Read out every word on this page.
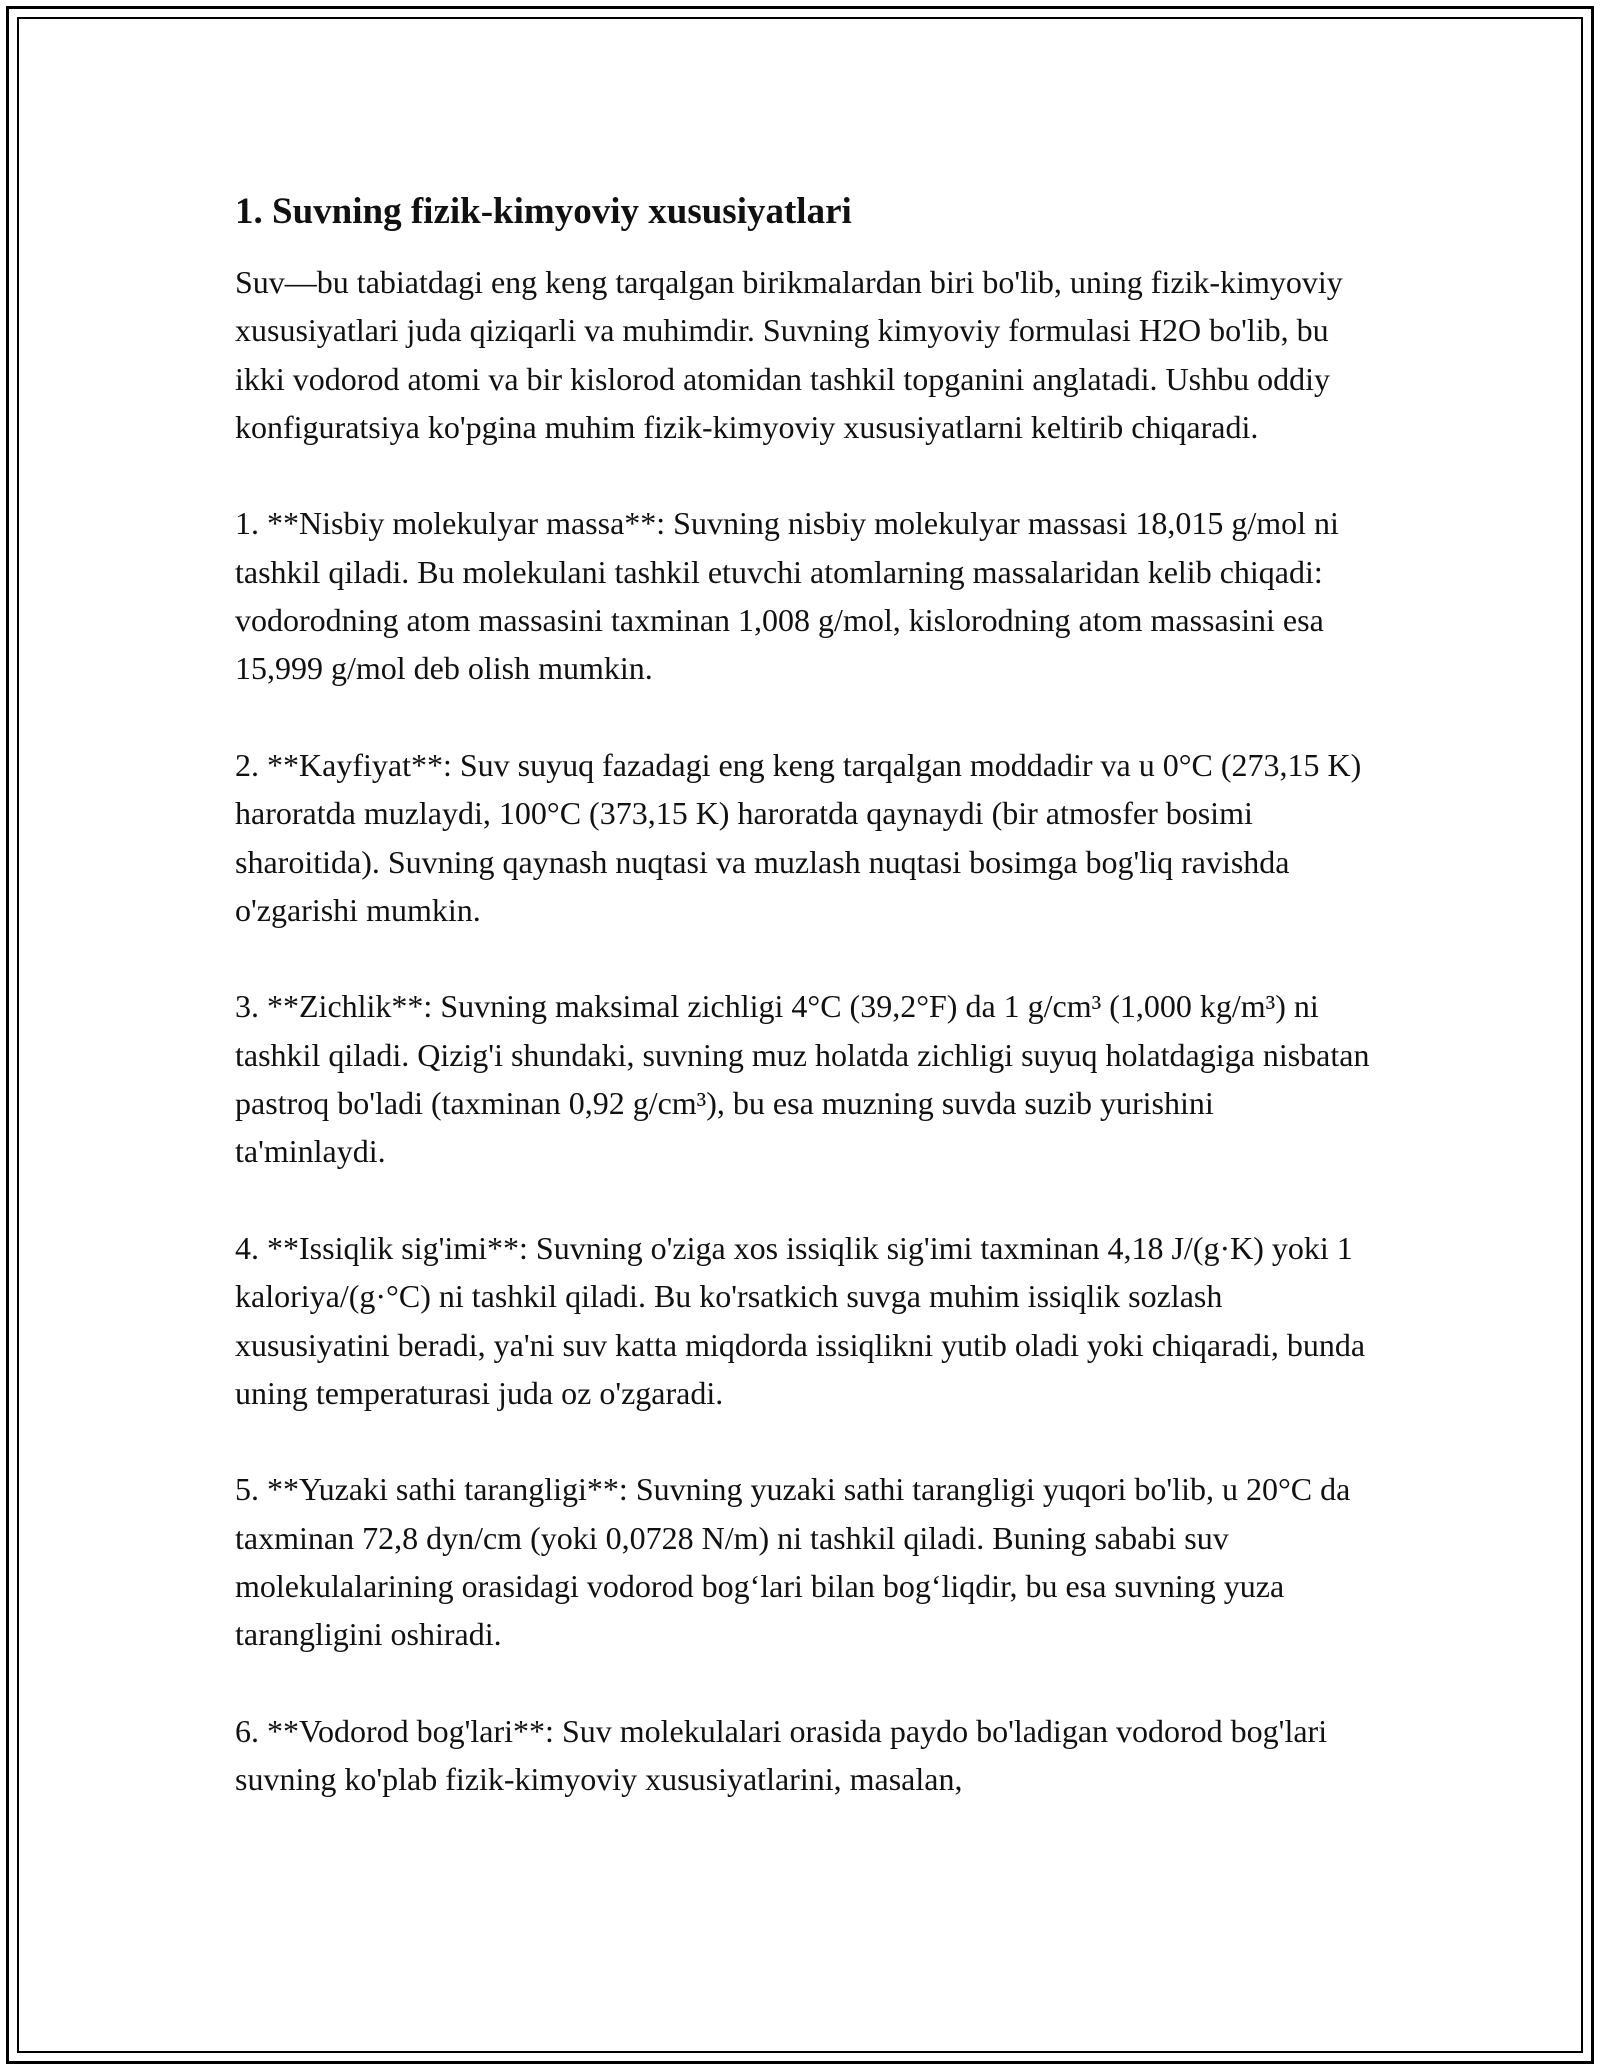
1. Suvning fizik-kimyoviy xususiyatlari

Suv—bu tabiatdagi eng keng tarqalgan birikmalardan biri bo'lib, uning fizik-kimyoviy xususiyatlari juda qiziqarli va muhimdir. Suvning kimyoviy formulasi H2O bo'lib, bu ikki vodorod atomi va bir kislorod atomidan tashkil topganini anglatadi. Ushbu oddiy konfiguratsiya ko'pgina muhim fizik-kimyoviy xususiyatlarni keltirib chiqaradi.

1. **Nisbiy molekulyar massa**: Suvning nisbiy molekulyar massasi 18,015 g/mol ni tashkil qiladi. Bu molekulani tashkil etuvchi atomlarning massalaridan kelib chiqadi: vodorodning atom massasini taxminan 1,008 g/mol, kislorodning atom massasini esa 15,999 g/mol deb olish mumkin.

2. **Kayfiyat**: Suv suyuq fazadagi eng keng tarqalgan moddadir va u 0°C (273,15 K) haroratda muzlaydi, 100°C (373,15 K) haroratda qaynaydi (bir atmosfer bosimi sharoitida). Suvning qaynash nuqtasi va muzlash nuqtasi bosimga bog'liq ravishda o'zgarishi mumkin.

3. **Zichlik**: Suvning maksimal zichligi 4°C (39,2°F) da 1 g/cm³ (1,000 kg/m³) ni tashkil qiladi. Qizig'i shundaki, suvning muz holatda zichligi suyuq holatdagiga nisbatan pastroq bo'ladi (taxminan 0,92 g/cm³), bu esa muzning suvda suzib yurishini ta'minlaydi.

4. **Issiqlik sig'imi**: Suvning o'ziga xos issiqlik sig'imi taxminan 4,18 J/(g·K) yoki 1 kaloriya/(g·°C) ni tashkil qiladi. Bu ko'rsatkich suvga muhim issiqlik sozlash xususiyatini beradi, ya'ni suv katta miqdorda issiqlikni yutib oladi yoki chiqaradi, bunda uning temperaturasi juda oz o'zgaradi.

5. **Yuzaki sathi tarangligi**: Suvning yuzaki sathi tarangligi yuqori bo'lib, u 20°C da taxminan 72,8 dyn/cm (yoki 0,0728 N/m) ni tashkil qiladi. Buning sababi suv molekulalarining orasidagi vodorod bog‘lari bilan bog‘liqdir, bu esa suvning yuza tarangligini oshiradi.

6. **Vodorod bog'lari**: Suv molekulalari orasida paydo bo'ladigan vodorod bog'lari suvning ko'plab fizik-kimyoviy xususiyatlarini, masalan,
